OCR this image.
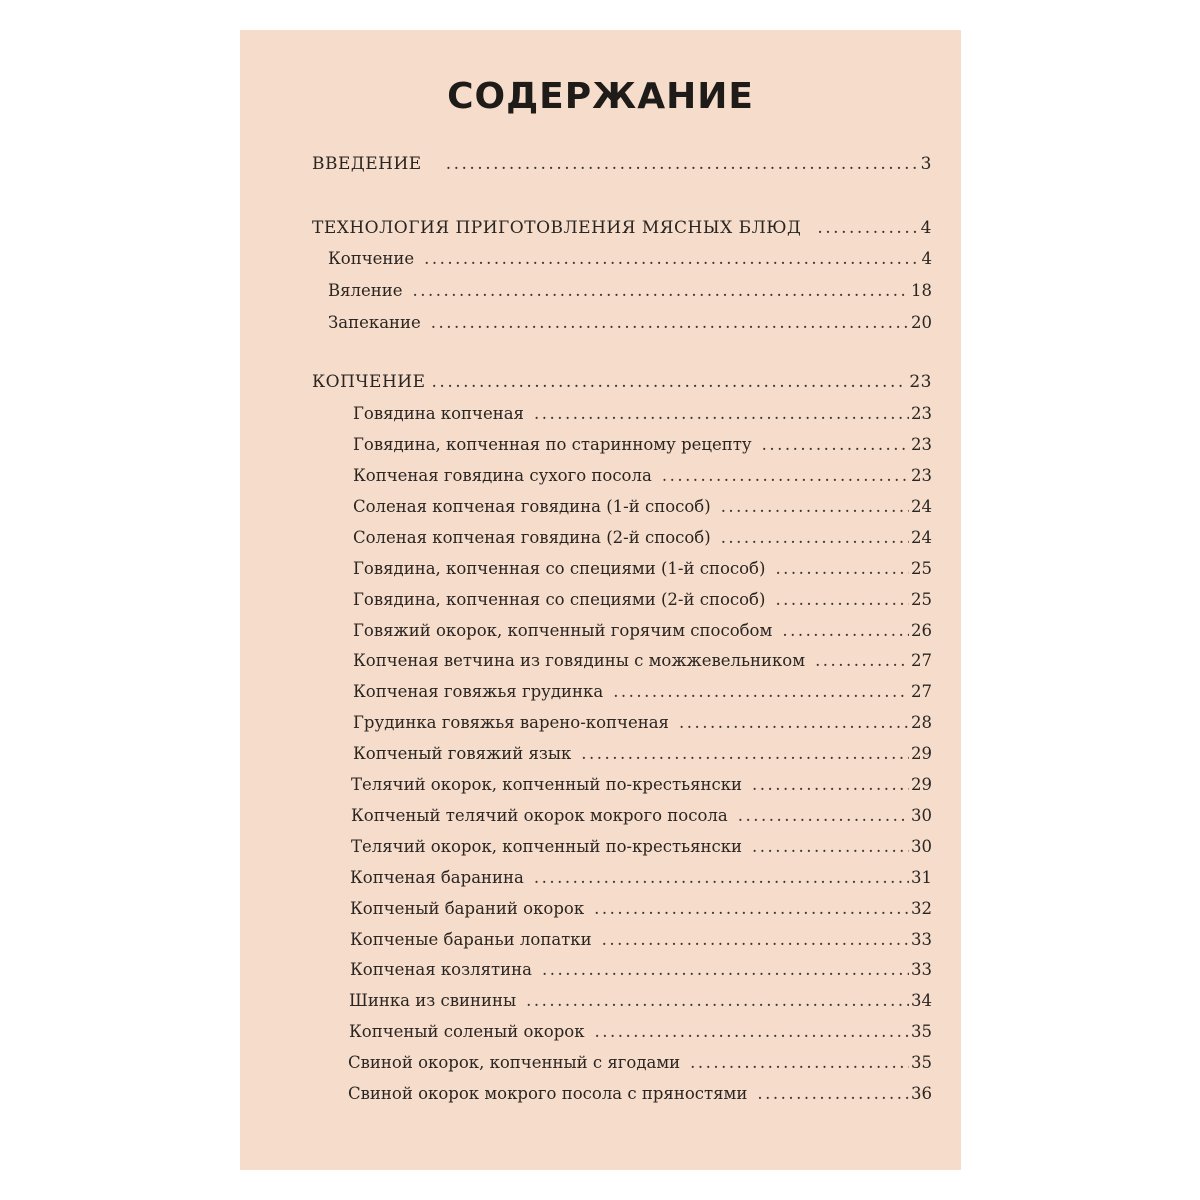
СОДЕРЖАНИЕ
ВВЕДЕНИЕ .....	3
ТЕХНОЛОГИЯ ПРИГОТОВЛЕНИЯ МЯСНЫХ БЛЮД .....	4
Копчение .....	4
Вяление .....	18
Запекание .....	20
КОПЧЕНИЕ .....	23
Говядина копченая .....	23
Говядина, копченная по старинному рецепту .....	23
Копченая говядина сухого посола .....	23
Соленая копченая говядина (1-й способ) .....	24
Соленая копченая говядина (2-й способ) .....	24
Говядина, копченная со специями (1-й способ) .....	25
Говядина, копченная со специями (2-й способ) .....	25
Говяжий окорок, копченный горячим способом .....	26
Копченая ветчина из говядины с можжевельником .....	27
Копченая говяжья грудинка .....	27
Грудинка говяжья варено-копченая .....	28
Копченый говяжий язык .....	29
Телячий окорок, копченный по-крестьянски .....	29
Копченый телячий окорок мокрого посола .....	30
Телячий окорок, копченный по-крестьянски .....	30
Копченая баранина .....	31
Копченый бараний окорок .....	32
Копченые бараньи лопатки .....	33
Копченая козлятина .....	33
Шинка из свинины .....	34
Копченый соленый окорок .....	35
Свиной окорок, копченный с ягодами .....	35
Свиной окорок мокрого посола с пряностями .....	36
